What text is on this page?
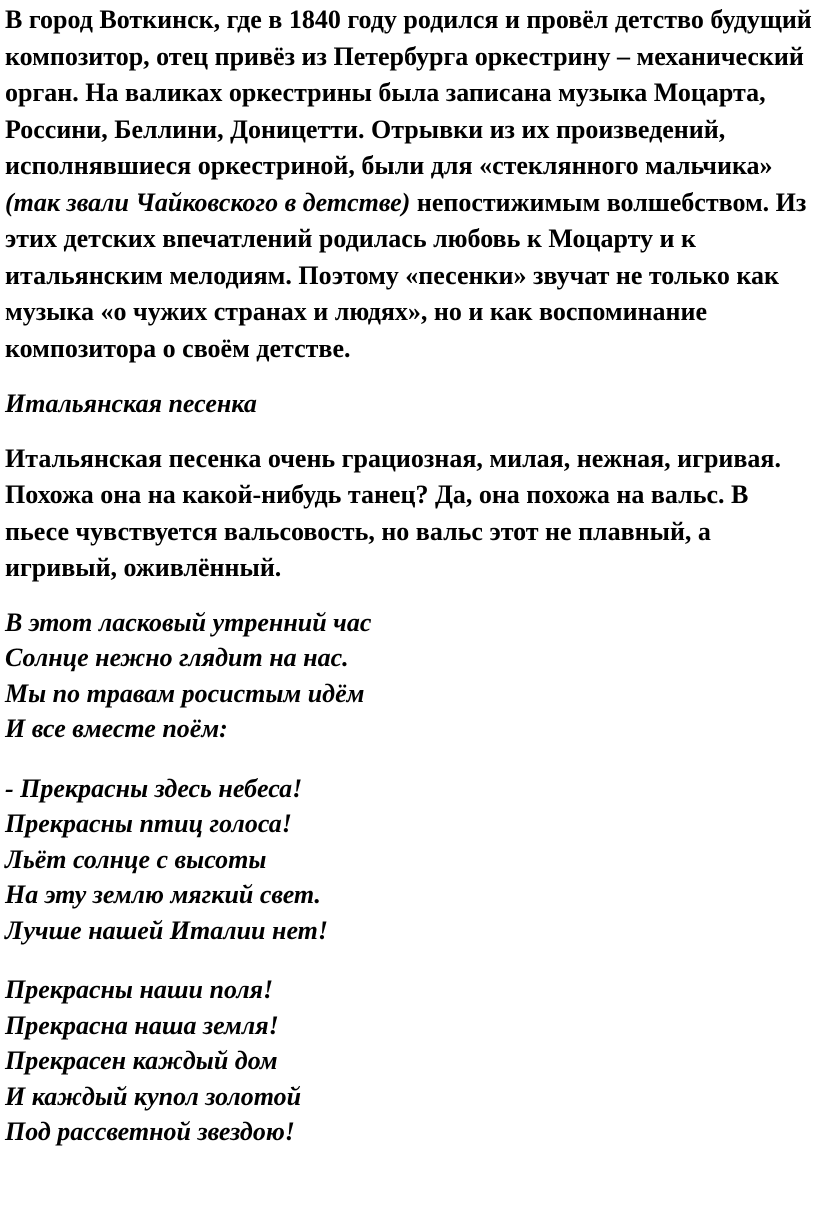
В город Воткинск, где в 1840 году родился и провёл детство будущий композитор, отец привёз из Петербурга оркестрину – механический орган. На валиках оркестрины была записана музыка Моцарта, Россини, Беллини, Доницетти. Отрывки из их произведений, исполнявшиеся оркестриной, были для «стеклянного мальчика» (так звали Чайковского в детстве) непостижимым волшебством. Из этих детских впечатлений родилась любовь к Моцарту и к итальянским мелодиям. Поэтому «песенки» звучат не только как музыка «о чужих странах и людях», но и как воспоминание композитора о своём детстве.

Итальянская песенка

Итальянская песенка очень грациозная, милая, нежная, игривая. Похожа она на какой-нибудь танец? Да, она похожа на вальс. В пьесе чувствуется вальсовость, но вальс этот не плавный, а игривый, оживлённый.

В этот ласковый утренний час
Солнце нежно глядит на нас.
Мы по травам росистым идём
И все вместе поём:

- Прекрасны здесь небеса!
Прекрасны птиц голоса!
Льёт солнце с высоты
На эту землю мягкий свет.
Лучше нашей Италии нет!

Прекрасны наши поля!
Прекрасна наша земля!
Прекрасен каждый дом
И каждый купол золотой
Под рассветной звездою!
